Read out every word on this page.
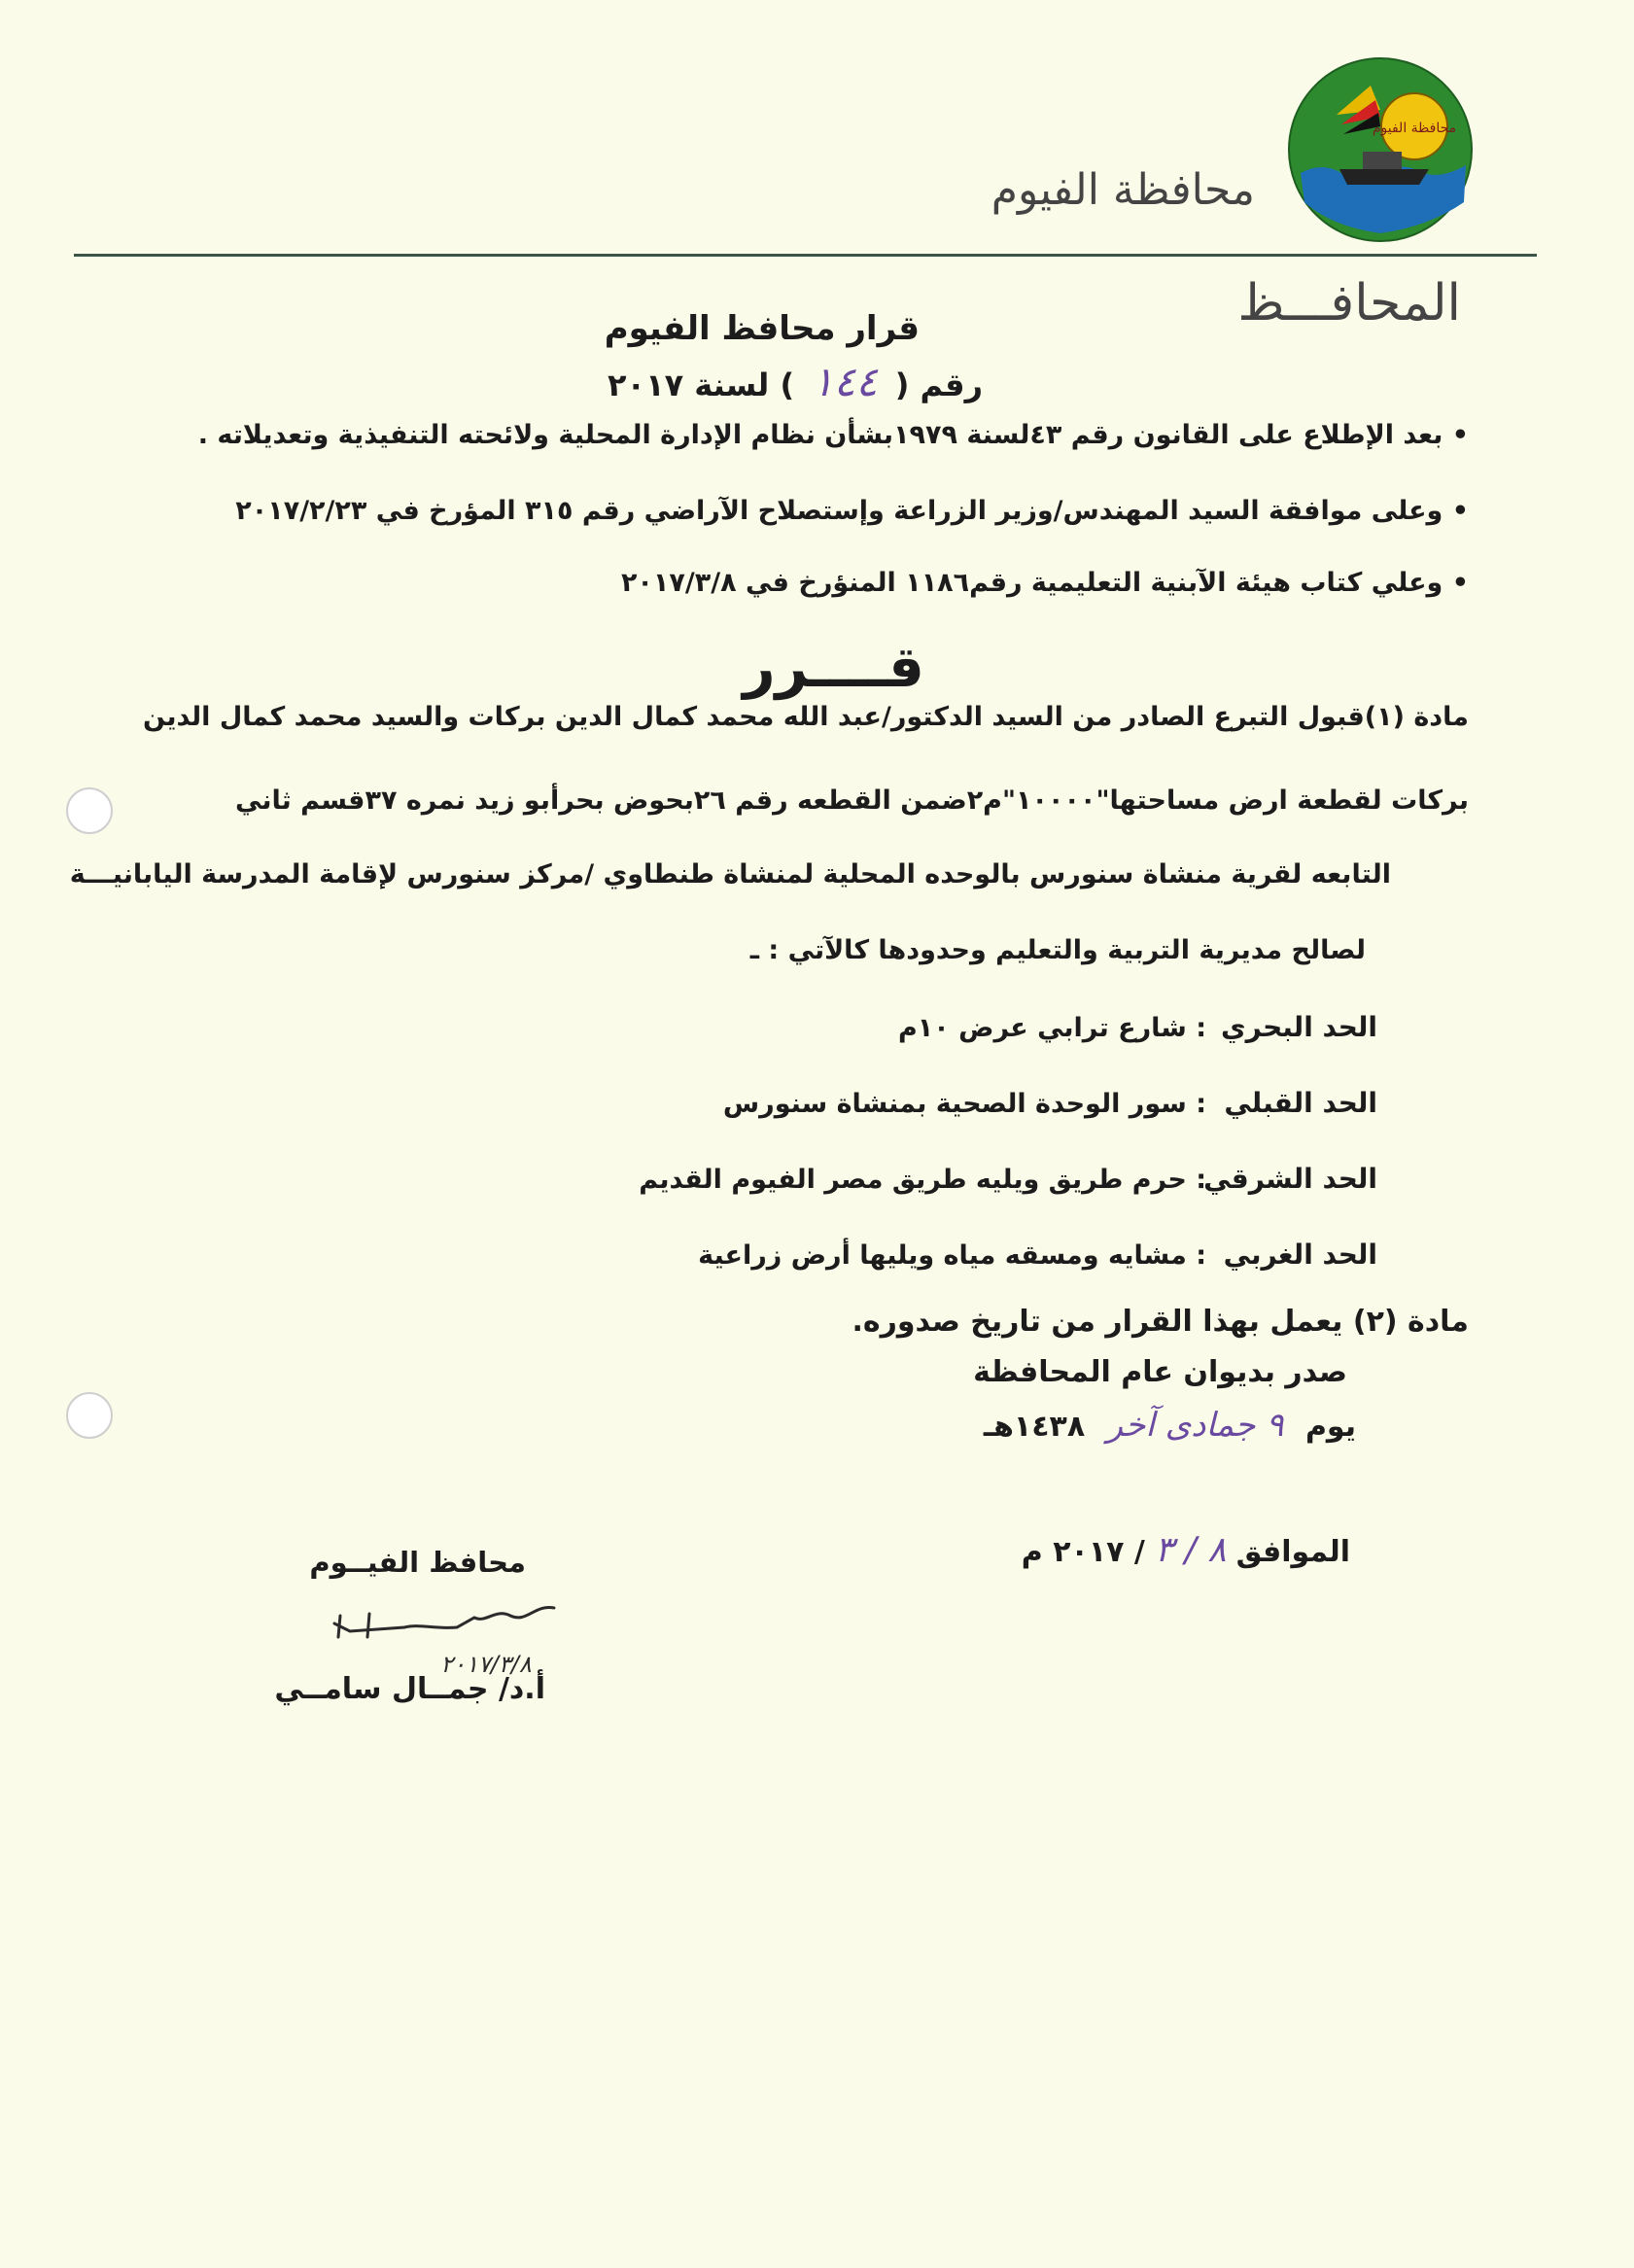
محافظة الفيوم
محافظة الفيوم
المحافـــظ
قرار محافظ الفيوم
رقم (١٤٤) لسنة ٢٠١٧
• بعد الإطلاع على القانون رقم ٤٣لسنة ١٩٧٩بشأن نظام الإدارة المحلية ولائحته التنفيذية وتعديلاته .
• وعلى موافقة السيد المهندس/وزير الزراعة وإستصلاح الآراضي رقم ٣١٥ المؤرخ في ٢٠١٧/٢/٢٣
• وعلي كتاب هيئة الآبنية التعليمية رقم١١٨٦ المنؤرخ في ٢٠١٧/٣/٨
قــــرر
مادة (١)قبول التبرع الصادر من السيد الدكتور/عبد الله محمد كمال الدين بركات والسيد محمد كمال الدين
بركات لقطعة ارض مساحتها"١٠٠٠٠"م٢ضمن القطعه رقم ٢٦بحوض بحرأبو زيد نمره ٣٧قسم ثاني
التابعه لقرية منشاة سنورس بالوحده المحلية لمنشاة طنطاوي /مركز سنورس لإقامة المدرسة اليابانيـــة
لصالح مديرية التربية والتعليم وحدودها كالآتي : ـ
الحد البحري
: شارع ترابي عرض ١٠م
الحد القبلي
: سور الوحدة الصحية بمنشاة سنورس
الحد الشرقي
: حرم طريق ويليه طريق مصر الفيوم القديم
الحد الغربي
: مشايه ومسقه مياه ويليها أرض زراعية
مادة (٢) يعمل بهذا القرار من تاريخ صدوره.
صدر بديوان عام المحافظة
يوم ٩ جمادى آخر ١٤٣٨هـ
الموافق٨ / ٣/ ٢٠١٧ م
محافظ الفيــوم
٢٠١٧/٣/٨
أ.د/ جمــال سامــي
